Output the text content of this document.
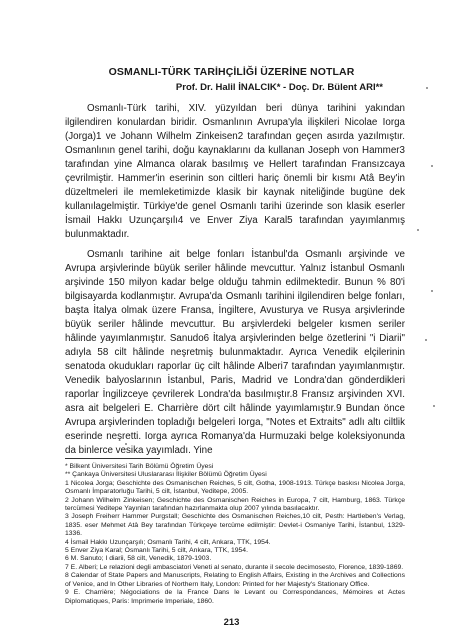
OSMANLI-TÜRK TARİHÇİLİĞİ ÜZERİNE NOTLAR
Prof. Dr. Halil İNALCIK* - Doç. Dr. Bülent ARI**

Osmanlı-Türk tarihi, XIV. yüzyıldan beri dünya tarihini yakından ilgilendiren konulardan biridir. Osmanlının Avrupa'yla ilişkileri Nicolae Iorga (Jorga)1 ve Johann Wilhelm Zinkeisen2 tarafından geçen asırda yazılmıştır. Osmanlının genel tarihi, doğu kaynaklarını da kullanan Joseph von Hammer3 tarafından yine Almanca olarak basılmış ve Hellert tarafından Fransızcaya çevrilmiştir. Hammer'in eserinin son ciltleri hariç önemli bir kısmı Atâ Bey'in düzeltmeleri ile memleketimizde klasik bir kaynak niteliğinde bugüne dek kullanılagelmiştir. Türkiye'de genel Osmanlı tarihi üzerinde son klasik eserler İsmail Hakkı Uzunçarşılı4 ve Enver Ziya Karal5 tarafından yayımlanmış bulunmaktadır.

Osmanlı tarihine ait belge fonları İstanbul'da Osmanlı arşivinde ve Avrupa arşivlerinde büyük seriler hâlinde mevcuttur. Yalnız İstanbul Osmanlı arşivinde 150 milyon kadar belge olduğu tahmin edilmektedir. Bunun % 80'i bilgisayarda kodlanmıştır. Avrupa'da Osmanlı tarihini ilgilendiren belge fonları, başta İtalya olmak üzere Fransa, İngiltere, Avusturya ve Rusya arşivlerinde büyük seriler hâlinde mevcuttur. Bu arşivlerdeki belgeler kısmen seriler hâlinde yayımlanmıştır. Sanudo6 İtalya arşivlerinden belge özetlerini "i Diarii" adıyla 58 cilt hâlinde neşretmiş bulunmaktadır. Ayrıca Venedik elçilerinin senatoda okudukları raporlar üç cilt hâlinde Alberi7 tarafından yayımlanmıştır. Venedik balyoslarının İstanbul, Paris, Madrid ve Londra'dan gönderdikleri raporlar İngilizceye çevrilerek Londra'da basılmıştır.8 Fransız arşivinden XVI. asra ait belgeleri E. Charrière dört cilt hâlinde yayımlamıştır.9 Bundan önce Avrupa arşivlerinden topladığı belgeleri Iorga, "Notes et Extraits" adlı altı ciltlik eserinde neşretti. Iorga ayrıca Romanya'da Hurmuzaki belge koleksiyonunda da binlerce vesika yayımladı. Yine

* Bilkent Üniversitesi Tarih Bölümü Öğretim Üyesi

** Çankaya Üniversitesi Uluslararası İlişkiler Bölümü Öğretim Üyesi

1 Nicolea Jorga; Geschichte des Osmanischen Reiches, 5 cilt, Gotha, 1908-1913. Türkçe baskısı Nicolea Jorga, Osmanlı İmparatorluğu Tarihi, 5 cilt, İstanbul, Yeditepe, 2005.

2 Johann Wilhelm Zinkeisen; Geschichte des Osmanischen Reiches in Europa, 7 cilt, Hamburg, 1863. Türkçe tercümesi Yeditepe Yayınları tarafından hazırlanmakta olup 2007 yılında basılacaktır.

3 Joseph Freiherr Hammer Purgstall; Geschichte des Osmanischen Reiches,10 cilt, Pesth: Hartleben's Verlag, 1835. eser Mehmet Atâ Bey tarafından Türkçeye tercüme edilmiştir: Devlet-i Osmaniye Tarihi, İstanbul, 1329-1336.

4 İsmail Hakkı Uzunçarşılı; Osmanlı Tarihi, 4 cilt, Ankara, TTK, 1954.

5 Enver Ziya Karal; Osmanlı Tarihi, 5 cilt, Ankara, TTK, 1954.

6 M. Sanuto; I diarii, 58 cilt, Venedik, 1879-1903.

7 E. Alberi; Le relazioni degli ambasciatori Veneti al senato, durante il secole decimosesto, Florence, 1839-1869.

8 Calendar of State Papers and Manuscripts, Relating to English Affairs, Existing in the Archives and Collections of Venice, and In Other Libraries of Northern Italy, London: Printed for her Majesty's Stationary Office.

9 E. Charrière; Négociations de la France Dans le Levant ou Correspondances, Mémoires et Actes Diplomatiques, Paris: Imprimerie Imperiale, 1860.

213
